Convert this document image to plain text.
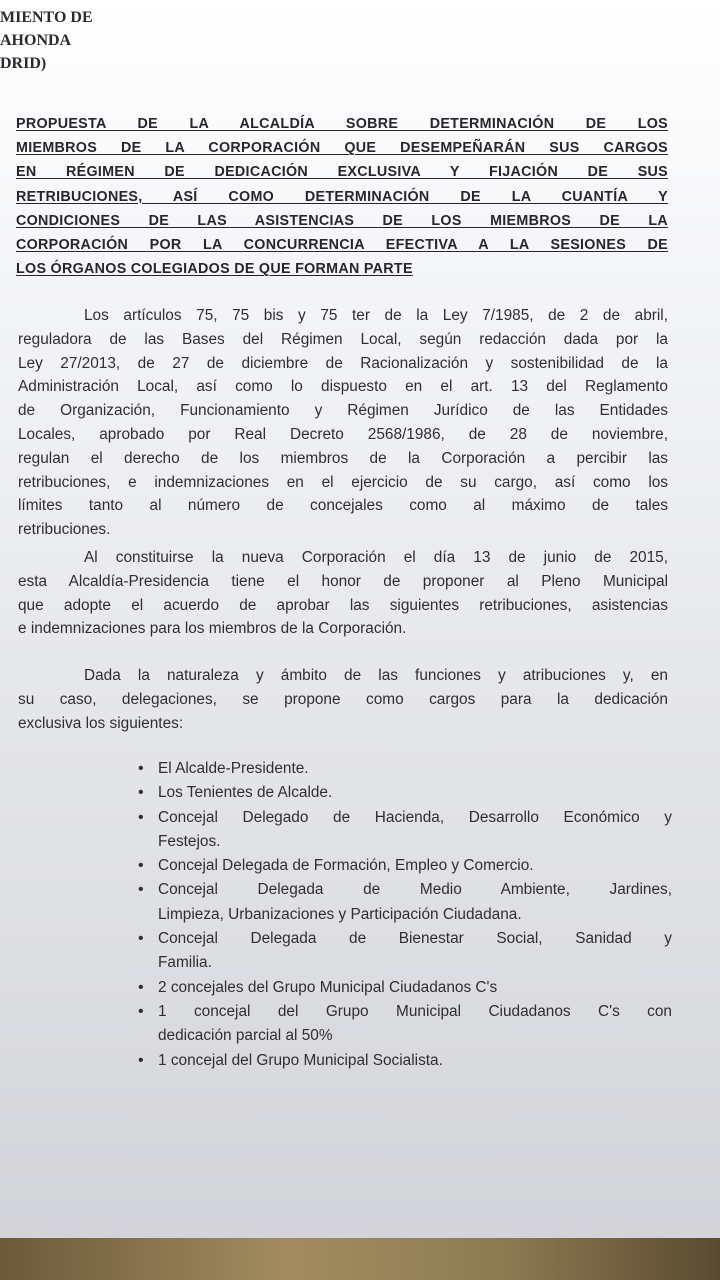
MIENTO DE
AHONDA
DRID)
PROPUESTA DE LA ALCALDÍA SOBRE DETERMINACIÓN DE LOS
MIEMBROS DE LA CORPORACIÓN QUE DESEMPEÑARÁN SUS CARGOS
EN RÉGIMEN DE DEDICACIÓN EXCLUSIVA Y FIJACIÓN DE SUS
RETRIBUCIONES, ASÍ COMO DETERMINACIÓN DE LA CUANTÍA Y
CONDICIONES DE LAS ASISTENCIAS DE LOS MIEMBROS DE LA
CORPORACIÓN POR LA CONCURRENCIA EFECTIVA A LA SESIONES DE
LOS ÓRGANOS COLEGIADOS DE QUE FORMAN PARTE
Los artículos 75, 75 bis y 75 ter de la Ley 7/1985, de 2 de abril,
reguladora de las Bases del Régimen Local, según redacción dada por la
Ley 27/2013, de 27 de diciembre de Racionalización y sostenibilidad de la
Administración Local, así como lo dispuesto en el art. 13 del Reglamento
de Organización, Funcionamiento y Régimen Jurídico de las Entidades
Locales, aprobado por Real Decreto 2568/1986, de 28 de noviembre,
regulan el derecho de los miembros de la Corporación a percibir las
retribuciones, e indemnizaciones en el ejercicio de su cargo, así como los
límites tanto al número de concejales como al máximo de tales
retribuciones.
Al constituirse la nueva Corporación el día 13 de junio de 2015,
esta Alcaldía-Presidencia tiene el honor de proponer al Pleno Municipal
que adopte el acuerdo de aprobar las siguientes retribuciones, asistencias
e indemnizaciones para los miembros de la Corporación.
Dada la naturaleza y ámbito de las funciones y atribuciones y, en
su caso, delegaciones, se propone como cargos para la dedicación
exclusiva los siguientes:
• El Alcalde-Presidente.
• Los Tenientes de Alcalde.
• Concejal Delegado de Hacienda, Desarrollo Económico y
Festejos.
• Concejal Delegada de Formación, Empleo y Comercio.
• Concejal Delegada de Medio Ambiente, Jardines,
Limpieza, Urbanizaciones y Participación Ciudadana.
• Concejal Delegada de Bienestar Social, Sanidad y
Familia.
• 2 concejales del Grupo Municipal Ciudadanos C's
• 1 concejal del Grupo Municipal Ciudadanos C's con
dedicación parcial al 50%
• 1 concejal del Grupo Municipal Socialista.
